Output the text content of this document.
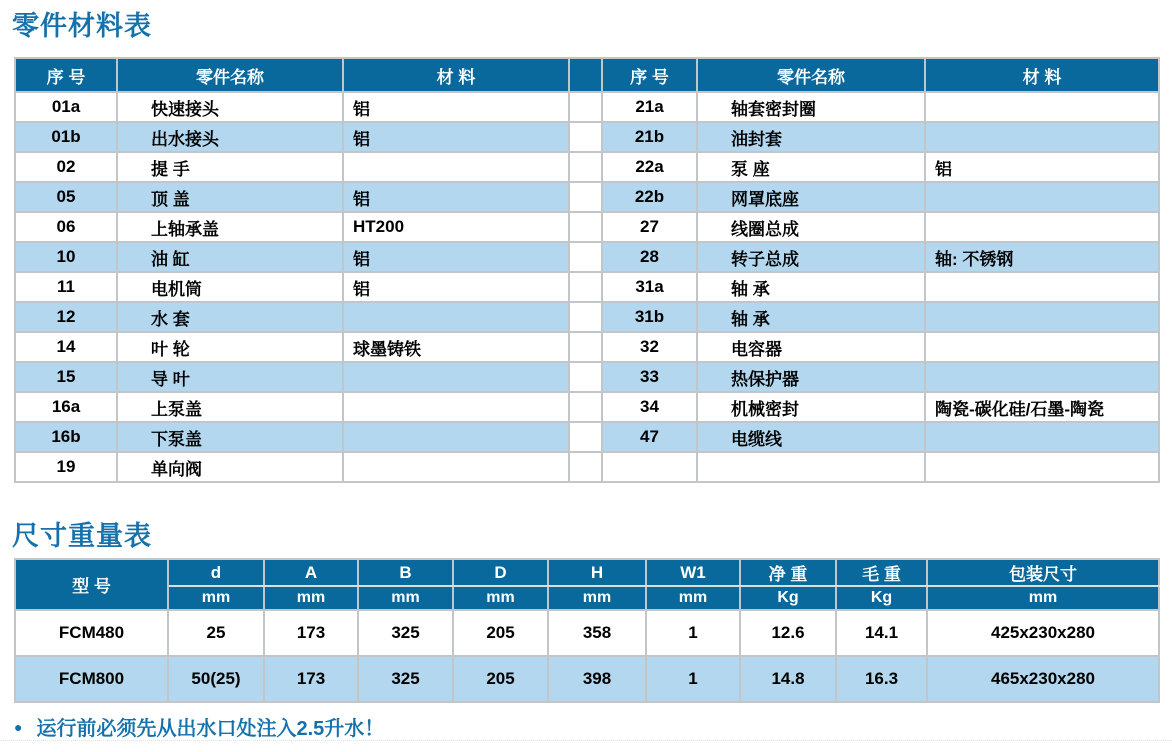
零件材料表
序 号	零件名称	材 料		序 号	零件名称	材 料
01a	快速接头	铝		21a	轴套密封圈	
01b	出水接头	铝		21b	油封套	
02	提 手			22a	泵 座	铝
05	顶 盖	铝		22b	网罩底座	
06	上轴承盖	HT200		27	线圈总成	
10	油 缸	铝		28	转子总成	轴: 不锈钢
11	电机筒	铝		31a	轴 承	
12	水 套			31b	轴 承	
14	叶 轮	球墨铸铁		32	电容器	
15	导 叶			33	热保护器	
16a	上泵盖			34	机械密封	陶瓷-碳化硅/石墨-陶瓷
16b	下泵盖			47	电缆线	
19	单向阀					
尺寸重量表
型 号	d	A	B	D	H	W1	净 重	毛 重	包装尺寸
	mm	mm	mm	mm	mm	mm	Kg	Kg	mm
FCM480	25	173	325	205	358	1	12.6	14.1	425x230x280
FCM800	50(25)	173	325	205	398	1	14.8	16.3	465x230x280
● 运行前必须先从出水口处注入2.5升水！
